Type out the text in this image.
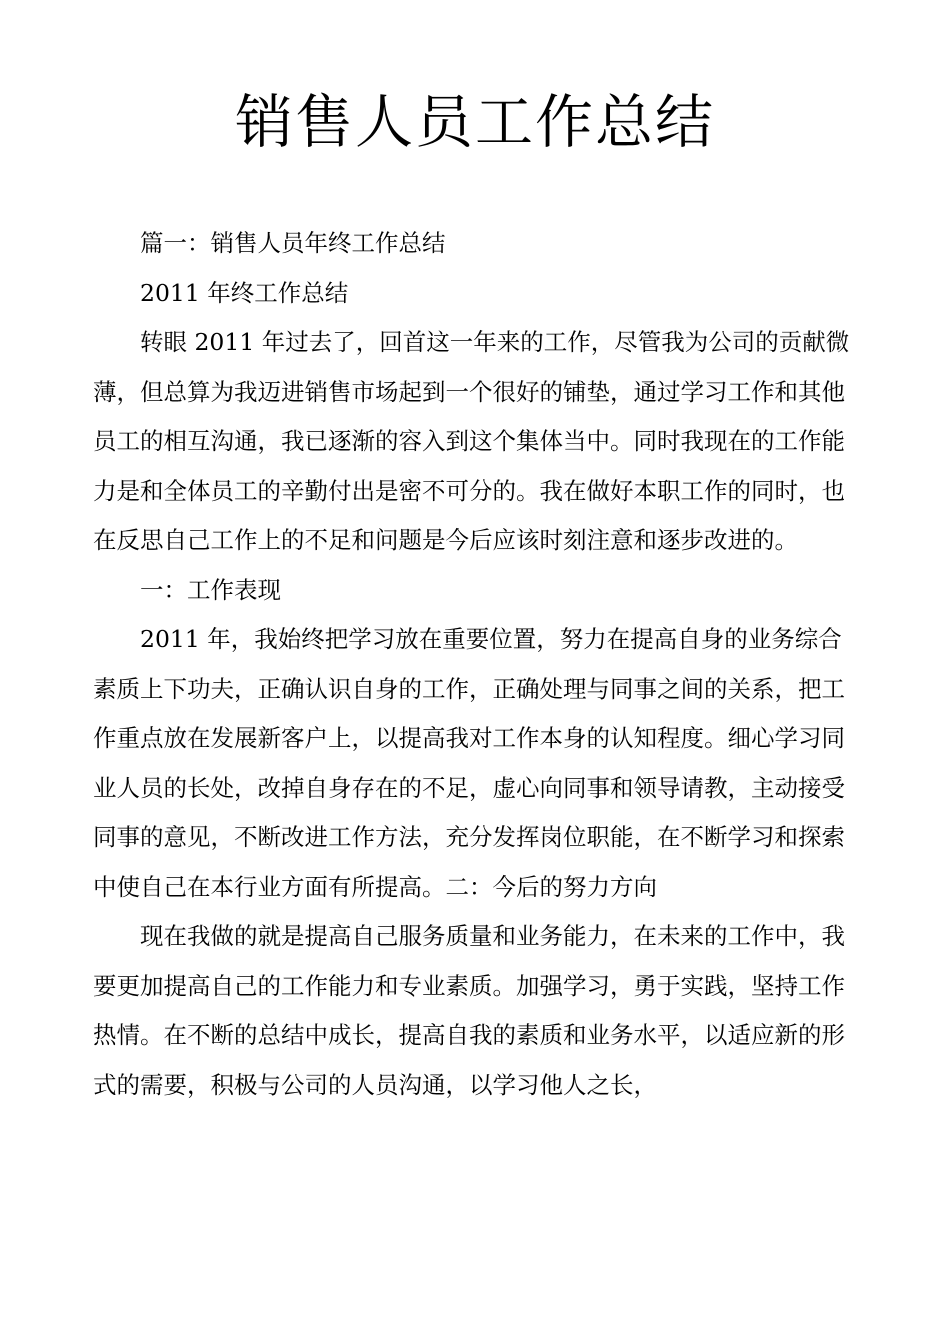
销售人员工作总结

篇一：销售人员年终工作总结

2011 年终工作总结

转眼 2011 年过去了，回首这一年来的工作，尽管我为公司的贡献微薄，但总算为我迈进销售市场起到一个很好的铺垫，通过学习工作和其他员工的相互沟通，我已逐渐的容入到这个集体当中。同时我现在的工作能力是和全体员工的辛勤付出是密不可分的。我在做好本职工作的同时，也在反思自己工作上的不足和问题是今后应该时刻注意和逐步改进的。

一：工作表现

2011 年，我始终把学习放在重要位置，努力在提高自身的业务综合素质上下功夫，正确认识自身的工作，正确处理与同事之间的关系，把工作重点放在发展新客户上，以提高我对工作本身的认知程度。细心学习同业人员的长处，改掉自身存在的不足，虚心向同事和领导请教，主动接受同事的意见，不断改进工作方法，充分发挥岗位职能，在不断学习和探索中使自己在本行业方面有所提高。二：今后的努力方向

现在我做的就是提高自己服务质量和业务能力，在未来的工作中，我要更加提高自己的工作能力和专业素质。加强学习，勇于实践，坚持工作热情。在不断的总结中成长，提高自我的素质和业务水平，以适应新的形式的需要，积极与公司的人员沟通，以学习他人之长，
